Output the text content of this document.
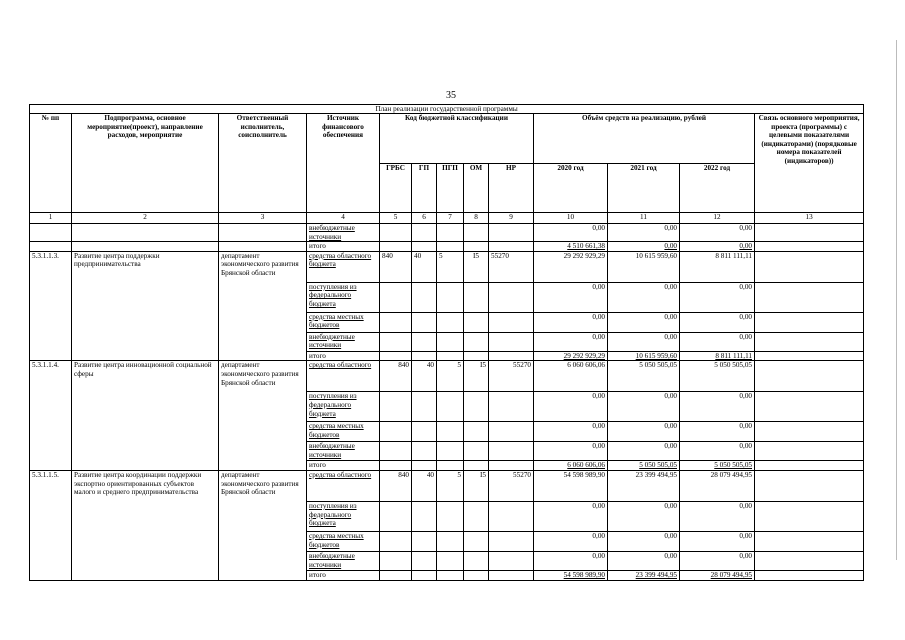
35
План реализации государственной программы												
№ пп	Подпрограмма, основное мероприятие(проект), направление расходов, мероприятие	Ответственный исполнитель, соисполнитель	Источник финансового обеспечения	Код бюджетной классификации					Объём средств на реализацию, рублей			Связь основного мероприятия, проекта (программы) с целевыми показателями (индикаторами) (порядковые номера показателей (индикаторов))
				ГРБС	ГП	ПГП	ОМ	НР	2020 год	2021 год	2022 год	
1	2	3	4	5	6	7	8	9	10	11	12	13
			внебюджетные источники						0,00	0,00	0,00	
			итого						4 510 661,38	0,00	0,00	
5.3.1.1.3.	Развитие центра поддержки предпринимательства	департамент экономического развития Брянской области	средства областного бюджета	840	40	5	I5	55270	29 292 929,29	10 615 959,60	8 811 111,11	
			поступления из федерального бюджета						0,00	0,00	0,00	
			средства местных бюджетов						0,00	0,00	0,00	
			внебюджетные источники						0,00	0,00	0,00	
			итого						29 292 929,29	10 615 959,60	8 811 111,11	
5.3.1.1.4.	Развитие центра инновационной социальной сферы	департамент экономического развития Брянской области	средства областного	840	40	5	I5	55270	6 060 606,06	5 050 505,05	5 050 505,05	
			поступления из федерального бюджета						0,00	0,00	0,00	
			средства местных бюджетов						0,00	0,00	0,00	
			внебюджетные источники						0,00	0,00	0,00	
			итого						6 060 606,06	5 050 505,05	5 050 505,05	
5.3.1.1.5.	Развитие центра координации поддержки экспортно ориентированных субъектов малого и среднего предпринимательства	департамент экономического развития Брянской области	средства областного	840	40	5	I5	55270	54 598 989,90	23 399 494,95	28 079 494,95	
			поступления из федерального бюджета						0,00	0,00	0,00	
			средства местных бюджетов						0,00	0,00	0,00	
			внебюджетные источники						0,00	0,00	0,00	
			итого						54 598 989,90	23 399 494,95	28 079 494,95	
